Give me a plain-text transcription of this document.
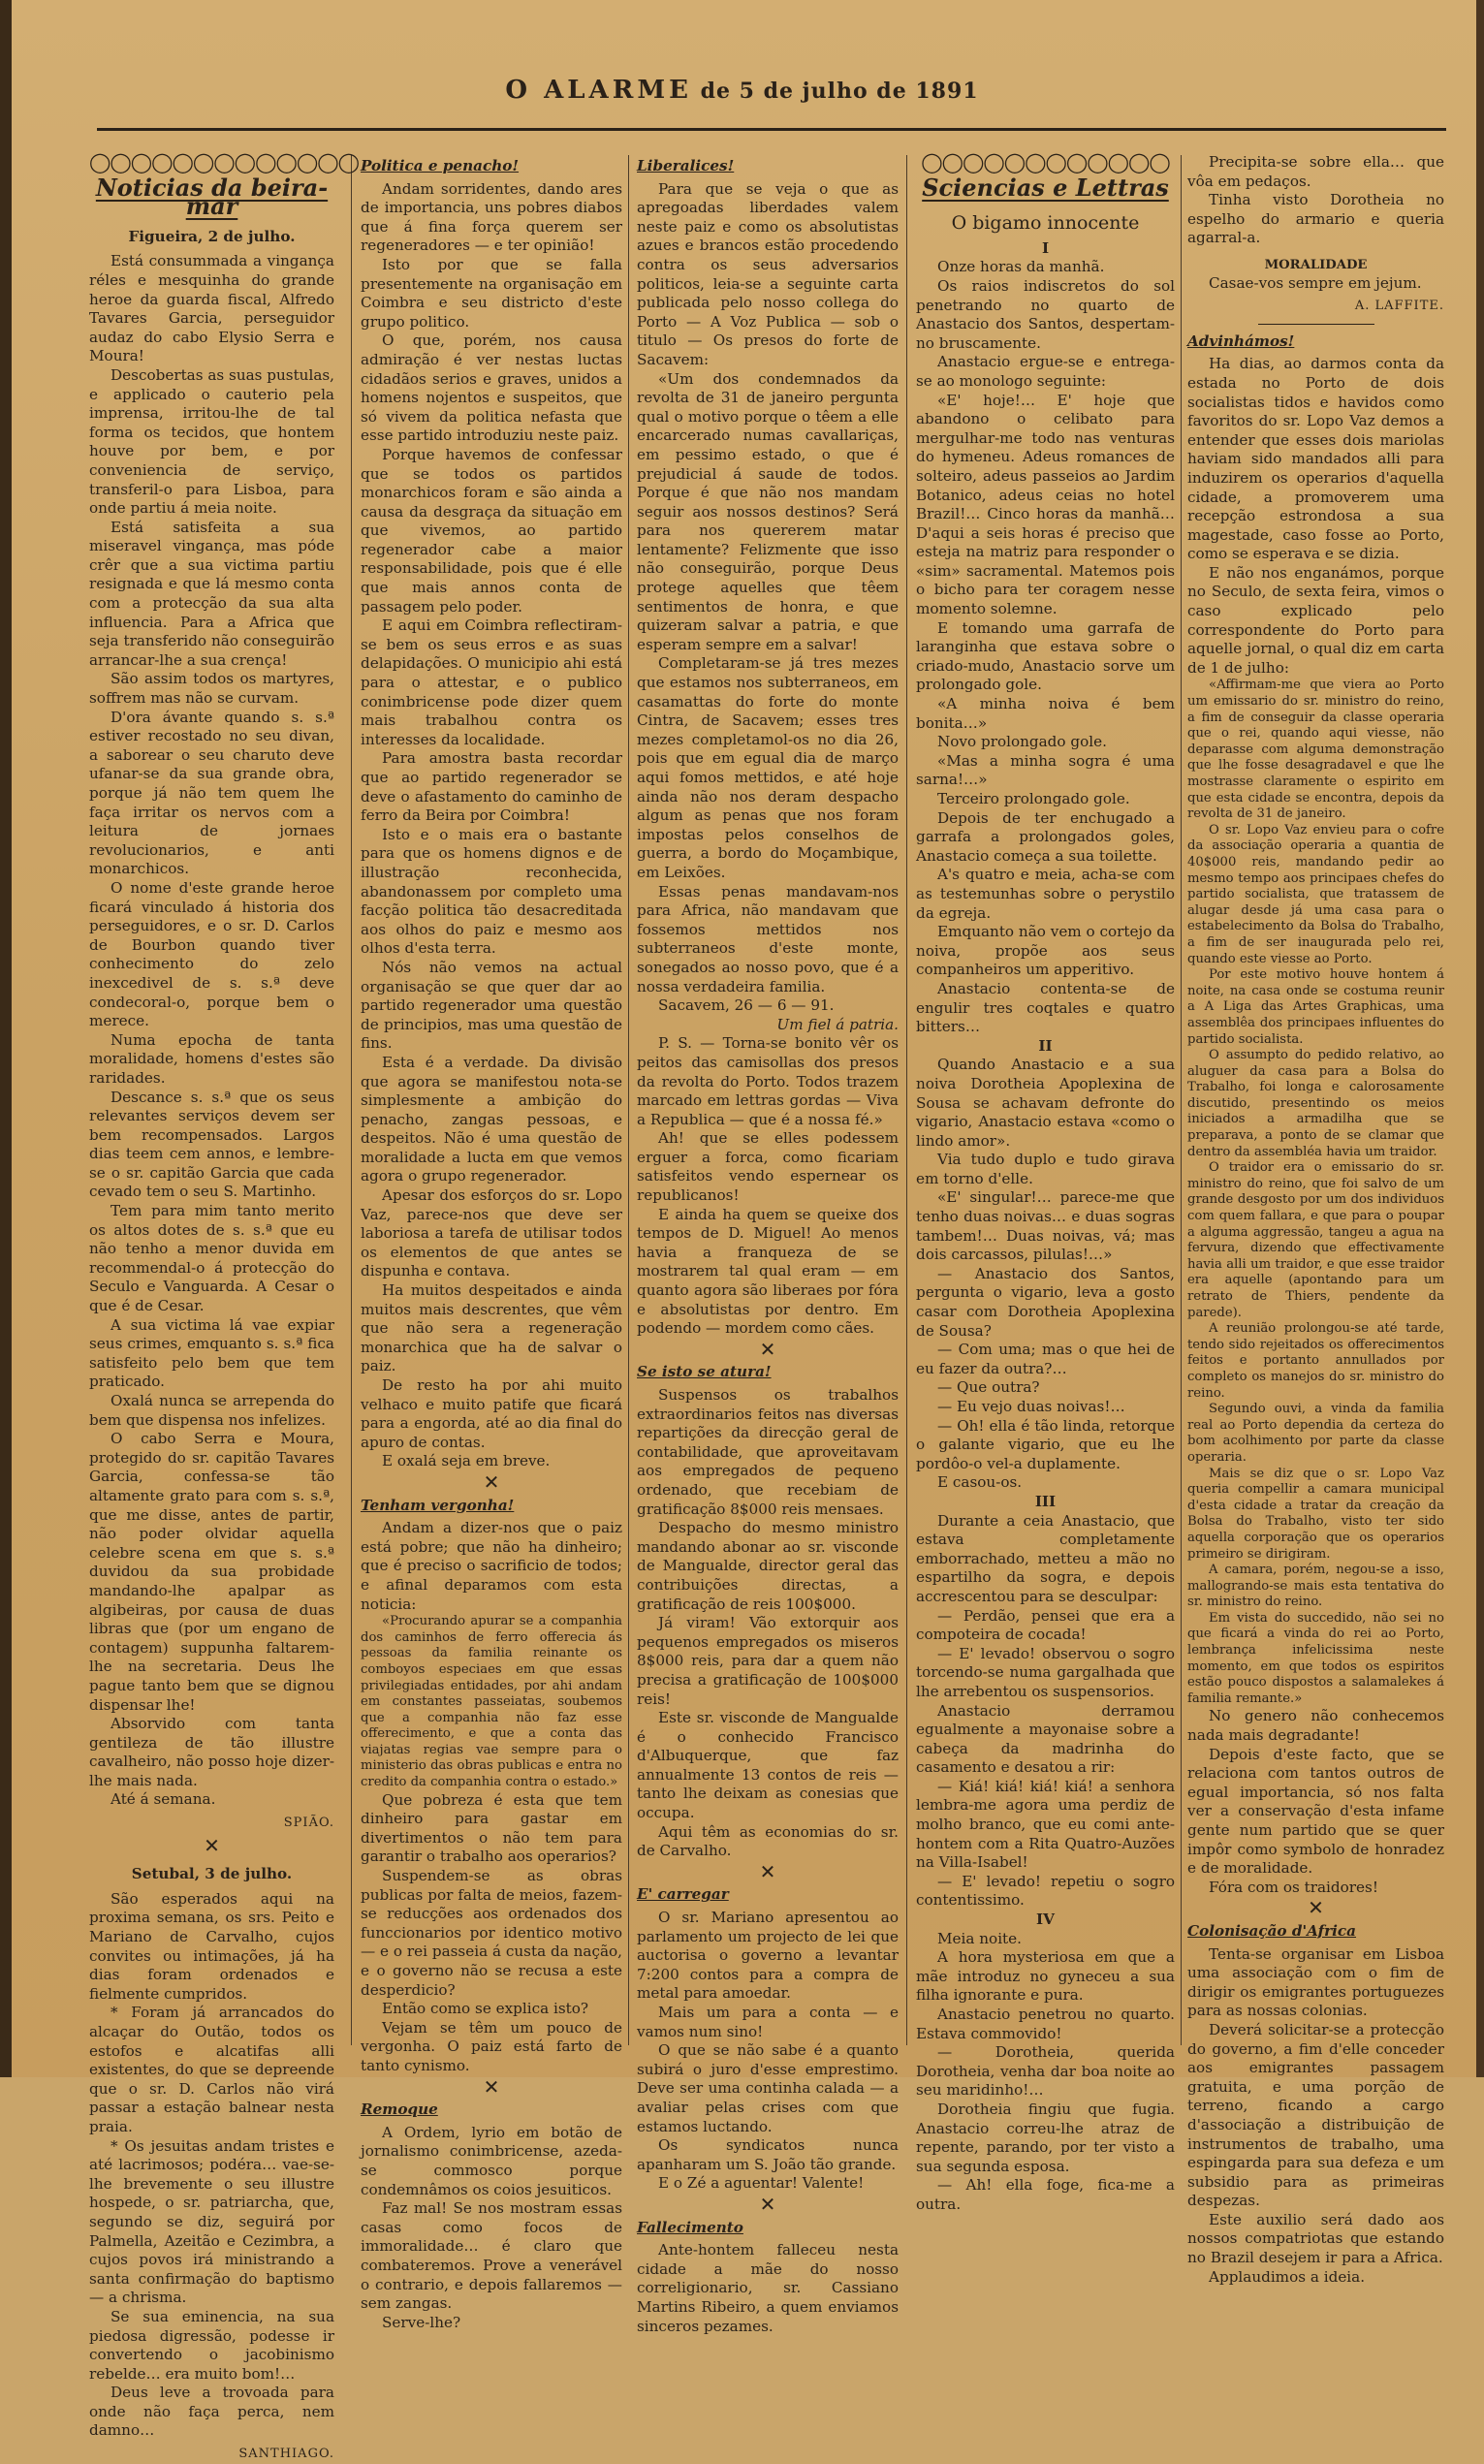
O ALARME de 5 de julho de 1891
◯◯◯◯◯◯◯◯◯◯◯◯◯
Noticias da beira-mar
Figueira, 2 de julho.

Está consummada a vingança réles e mesquinha do grande heroe da guarda fiscal, Alfredo Tavares Garcia, perseguidor audaz do cabo Elysio Serra e Moura!

Descobertas as suas pustulas, e applicado o cauterio pela imprensa, irritou-lhe de tal forma os tecidos, que hontem houve por bem, e por conveniencia de serviço, transferil-o para Lisboa, para onde partiu á meia noite.

Está satisfeita a sua miseravel vingança, mas póde crêr que a sua victima partiu resignada e que lá mesmo conta com a protecção da sua alta influencia. Para a Africa que seja transferido não conseguirão arrancar-lhe a sua crença!

São assim todos os martyres, soffrem mas não se curvam.

D'ora ávante quando s. s.ª estiver recostado no seu divan, a saborear o seu charuto deve ufanar-se da sua grande obra, porque já não tem quem lhe faça irritar os nervos com a leitura de jornaes revolucionarios, e anti monarchicos.

O nome d'este grande heroe ficará vinculado á historia dos perseguidores, e o sr. D. Carlos de Bourbon quando tiver conhecimento do zelo inexcedivel de s. s.ª deve condecoral-o, porque bem o merece.

Numa epocha de tanta moralidade, homens d'estes são raridades.

Descance s. s.ª que os seus relevantes serviços devem ser bem recompensados. Largos dias teem cem annos, e lembre-se o sr. capitão Garcia que cada cevado tem o seu S. Martinho.

Tem para mim tanto merito os altos dotes de s. s.ª que eu não tenho a menor duvida em recommendal-o á protecção do Seculo e Vanguarda. A Cesar o que é de Cesar.

A sua victima lá vae expiar seus crimes, emquanto s. s.ª fica satisfeito pelo bem que tem praticado.

Oxalá nunca se arrependa do bem que dispensa nos infelizes.

O cabo Serra e Moura, protegido do sr. capitão Tavares Garcia, confessa-se tão altamente grato para com s. s.ª, que me disse, antes de partir, não poder olvidar aquella celebre scena em que s. s.ª duvidou da sua probidade mandando-lhe apalpar as algibeiras, por causa de duas libras que (por um engano de contagem) suppunha faltarem-lhe na secretaria. Deus lhe pague tanto bem que se dignou dispensar lhe!

Absorvido com tanta gentileza de tão illustre cavalheiro, não posso hoje dizer-lhe mais nada.

Até á semana.

SPIÃO.
✕
Setubal, 3 de julho.

São esperados aqui na proxima semana, os srs. Peito e Mariano de Carvalho, cujos convites ou intimações, já ha dias foram ordenados e fielmente cumpridos.

* Foram já arrancados do alcaçar do Outão, todos os estofos e alcatifas alli existentes, do que se depreende que o sr. D. Carlos não virá passar a estação balnear nesta praia.

* Os jesuitas andam tristes e até lacrimosos; podéra… vae-se-lhe brevemente o seu illustre hospede, o sr. patriarcha, que, segundo se diz, seguirá por Palmella, Azeitão e Cezimbra, a cujos povos irá ministrando a santa confirmação do baptismo — a chrisma.

Se sua eminencia, na sua piedosa digressão, podesse ir convertendo o jacobinismo rebelde… era muito bom!…

Deus leve a trovoada para onde não faça perca, nem damno…

SANTHIAGO.
Politica e penacho!

Andam sorridentes, dando ares de importancia, uns pobres diabos que á fina força querem ser regeneradores — e ter opinião!

Isto por que se falla presentemente na organisação em Coimbra e seu districto d'este grupo politico.

O que, porém, nos causa admiração é ver nestas luctas cidadãos serios e graves, unidos a homens nojentos e suspeitos, que só vivem da politica nefasta que esse partido introduziu neste paiz.

Porque havemos de confessar que se todos os partidos monarchicos foram e são ainda a causa da desgraça da situação em que vivemos, ao partido regenerador cabe a maior responsabilidade, pois que é elle que mais annos conta de passagem pelo poder.

E aqui em Coimbra reflectiram-se bem os seus erros e as suas delapidações. O municipio ahi está para o attestar, e o publico conimbricense pode dizer quem mais trabalhou contra os interesses da localidade.

Para amostra basta recordar que ao partido regenerador se deve o afastamento do caminho de ferro da Beira por Coimbra!

Isto e o mais era o bastante para que os homens dignos e de illustração reconhecida, abandonassem por completo uma facção politica tão desacreditada aos olhos do paiz e mesmo aos olhos d'esta terra.

Nós não vemos na actual organisação se que quer dar ao partido regenerador uma questão de principios, mas uma questão de fins.

Esta é a verdade. Da divisão que agora se manifestou nota-se simplesmente a ambição do penacho, zangas pessoas, e despeitos. Não é uma questão de moralidade a lucta em que vemos agora o grupo regenerador.

Apesar dos esforços do sr. Lopo Vaz, parece-nos que deve ser laboriosa a tarefa de utilisar todos os elementos de que antes se dispunha e contava.

Ha muitos despeitados e ainda muitos mais descrentes, que vêm que não sera a regeneração monarchica que ha de salvar o paiz.

De resto ha por ahi muito velhaco e muito patife que ficará para a engorda, até ao dia final do apuro de contas.

E oxalá seja em breve.

✕
Tenham vergonha!

Andam a dizer-nos que o paiz está pobre; que não ha dinheiro; que é preciso o sacrificio de todos; e afinal deparamos com esta noticia:

«Procurando apurar se a companhia dos caminhos de ferro offerecia ás pessoas da familia reinante os comboyos especiaes em que essas privilegiadas entidades, por ahi andam em constantes passeiatas, soubemos que a companhia não faz esse offerecimento, e que a conta das viajatas regias vae sempre para o ministerio das obras publicas e entra no credito da companhia contra o estado.»

Que pobreza é esta que tem dinheiro para gastar em divertimentos o não tem para garantir o trabalho aos operarios?

Suspendem-se as obras publicas por falta de meios, fazem-se reducções aos ordenados dos funccionarios por identico motivo — e o rei passeia á custa da nação, e o governo não se recusa a este desperdicio?

Então como se explica isto?

Vejam se têm um pouco de vergonha. O paiz está farto de tanto cynismo.

✕
Remoque

A Ordem, lyrio em botão de jornalismo conimbricense, azeda-se commosco porque condemnâmos os coios jesuiticos.

Faz mal! Se nos mostram essas casas como focos de immoralidade… é claro que combateremos. Prove a venerável o contrario, e depois fallaremos — sem zangas.

Serve-lhe?

Liberalices!

Para que se veja o que as apregoadas liberdades valem neste paiz e como os absolutistas azues e brancos estão procedendo contra os seus adversarios politicos, leia-se a seguinte carta publicada pelo nosso collega do Porto — A Voz Publica — sob o titulo — Os presos do forte de Sacavem:

«Um dos condemnados da revolta de 31 de janeiro pergunta qual o motivo porque o têem a elle encarcerado numas cavallariças, em pessimo estado, o que é prejudicial á saude de todos. Porque é que não nos mandam seguir aos nossos destinos? Será para nos quererem matar lentamente? Felizmente que isso não conseguirão, porque Deus protege aquelles que têem sentimentos de honra, e que quizeram salvar a patria, e que esperam sempre em a salvar!

Completaram-se já tres mezes que estamos nos subterraneos, em casamattas do forte do monte Cintra, de Sacavem; esses tres mezes completamol-os no dia 26, pois que em egual dia de março aqui fomos mettidos, e até hoje ainda não nos deram despacho algum as penas que nos foram impostas pelos conselhos de guerra, a bordo do Moçambique, em Leixões.

Essas penas mandavam-nos para Africa, não mandavam que fossemos mettidos nos subterraneos d'este monte, sonegados ao nosso povo, que é a nossa verdadeira familia.

Sacavem, 26 — 6 — 91.

Um fiel á patria.

P. S. — Torna-se bonito vêr os peitos das camisollas dos presos da revolta do Porto. Todos trazem marcado em lettras gordas — Viva a Republica — que é a nossa fé.»

Ah! que se elles podessem erguer a forca, como ficariam satisfeitos vendo espernear os republicanos!

E ainda ha quem se queixe dos tempos de D. Miguel! Ao menos havia a franqueza de se mostrarem tal qual eram — em quanto agora são liberaes por fóra e absolutistas por dentro. Em podendo — mordem como cães.

✕
Se isto se atura!

Suspensos os trabalhos extraordinarios feitos nas diversas repartições da direcção geral de contabilidade, que aproveitavam aos empregados de pequeno ordenado, que recebiam de gratificação 8$000 reis mensaes.

Despacho do mesmo ministro mandando abonar ao sr. visconde de Mangualde, director geral das contribuições directas, a gratificação de reis 100$000.

Já viram! Vão extorquir aos pequenos empregados os miseros 8$000 reis, para dar a quem não precisa a gratificação de 100$000 reis!

Este sr. visconde de Mangualde é o conhecido Francisco d'Albuquerque, que faz annualmente 13 contos de reis — tanto lhe deixam as conesias que occupa.

Aqui têm as economias do sr. de Carvalho.

✕
E' carregar

O sr. Mariano apresentou ao parlamento um projecto de lei que auctorisa o governo a levantar 7:200 contos para a compra de metal para amoedar.

Mais um para a conta — e vamos num sino!

O que se não sabe é a quanto subirá o juro d'esse emprestimo. Deve ser uma continha calada — a avaliar pelas crises com que estamos luctando.

Os syndicatos nunca apanharam um S. João tão grande.

E o Zé a aguentar! Valente!

✕
Fallecimento

Ante-hontem falleceu nesta cidade a mãe do nosso correligionario, sr. Cassiano Martins Ribeiro, a quem enviamos sinceros pezames.

◯◯◯◯◯◯◯◯◯◯◯◯
Sciencias e Lettras
O bigamo innocente
I

Onze horas da manhã.

Os raios indiscretos do sol penetrando no quarto de Anastacio dos Santos, despertam-no bruscamente.

Anastacio ergue-se e entrega-se ao monologo seguinte:

«E' hoje!… E' hoje que abandono o celibato para mergulhar-me todo nas venturas do hymeneu. Adeus romances de solteiro, adeus passeios ao Jardim Botanico, adeus ceias no hotel Brazil!… Cinco horas da manhã… D'aqui a seis horas é preciso que esteja na matriz para responder o «sim» sacramental. Matemos pois o bicho para ter coragem nesse momento solemne.

E tomando uma garrafa de laranginha que estava sobre o criado-mudo, Anastacio sorve um prolongado gole.

«A minha noiva é bem bonita…»

Novo prolongado gole.

«Mas a minha sogra é uma sarna!…»

Terceiro prolongado gole.

Depois de ter enchugado a garrafa a prolongados goles, Anastacio começa a sua toilette.

A's quatro e meia, acha-se com as testemunhas sobre o perystilo da egreja.

Emquanto não vem o cortejo da noiva, propõe aos seus companheiros um apperitivo.

Anastacio contenta-se de engulir tres coqtales e quatro bitters…

II

Quando Anastacio e a sua noiva Dorotheia Apoplexina de Sousa se achavam defronte do vigario, Anastacio estava «como o lindo amor».

Via tudo duplo e tudo girava em torno d'elle.

«E' singular!… parece-me que tenho duas noivas… e duas sogras tambem!… Duas noivas, vá; mas dois carcassos, pilulas!…»

— Anastacio dos Santos, pergunta o vigario, leva a gosto casar com Dorotheia Apoplexina de Sousa?

— Com uma; mas o que hei de eu fazer da outra?…

— Que outra?

— Eu vejo duas noivas!…

— Oh! ella é tão linda, retorque o galante vigario, que eu lhe pordôo-o vel-a duplamente.

E casou-os.

III

Durante a ceia Anastacio, que estava completamente emborrachado, metteu a mão no espartilho da sogra, e depois accrescentou para se desculpar:

— Perdão, pensei que era a compoteira de cocada!

— E' levado! observou o sogro torcendo-se numa gargalhada que lhe arrebentou os suspensorios.

Anastacio derramou egualmente a mayonaise sobre a cabeça da madrinha do casamento e desatou a rir:

— Kiá! kiá! kiá! kiá! a senhora lembra-me agora uma perdiz de molho branco, que eu comi ante-hontem com a Rita Quatro-Auzões na Villa-Isabel!

— E' levado! repetiu o sogro contentissimo.

IV

Meia noite.

A hora mysteriosa em que a mãe introduz no gyneceu a sua filha ignorante e pura.

Anastacio penetrou no quarto. Estava commovido!

— Dorotheia, querida Dorotheia, venha dar boa noite ao seu maridinho!…

Dorotheia fingiu que fugia. Anastacio correu-lhe atraz de repente, parando, por ter visto a sua segunda esposa.

— Ah! ella foge, fica-me a outra.

Precipita-se sobre ella… que vôa em pedaços.

Tinha visto Dorotheia no espelho do armario e queria agarral-a.

MORALIDADE

Casae-vos sempre em jejum.

A. LAFFITE.
Advinhámos!

Ha dias, ao darmos conta da estada no Porto de dois socialistas tidos e havidos como favoritos do sr. Lopo Vaz demos a entender que esses dois mariolas haviam sido mandados alli para induzirem os operarios d'aquella cidade, a promoverem uma recepção estrondosa a sua magestade, caso fosse ao Porto, como se esperava e se dizia.

E não nos enganámos, porque no Seculo, de sexta feira, vimos o caso explicado pelo correspondente do Porto para aquelle jornal, o qual diz em carta de 1 de julho:

«Affirmam-me que viera ao Porto um emissario do sr. ministro do reino, a fim de conseguir da classe operaria que o rei, quando aqui viesse, não deparasse com alguma demonstração que lhe fosse desagradavel e que lhe mostrasse claramente o espirito em que esta cidade se encontra, depois da revolta de 31 de janeiro.

O sr. Lopo Vaz envieu para o cofre da associação operaria a quantia de 40$000 reis, mandando pedir ao mesmo tempo aos principaes chefes do partido socialista, que tratassem de alugar desde já uma casa para o estabelecimento da Bolsa do Trabalho, a fim de ser inaugurada pelo rei, quando este viesse ao Porto.

Por este motivo houve hontem á noite, na casa onde se costuma reunir a A Liga das Artes Graphicas, uma assemblêa dos principaes influentes do partido socialista.

O assumpto do pedido relativo, ao aluguer da casa para a Bolsa do Trabalho, foi longa e calorosamente discutido, presentindo os meios iniciados a armadilha que se preparava, a ponto de se clamar que dentro da assembléa havia um traidor.

O traidor era o emissario do sr. ministro do reino, que foi salvo de um grande desgosto por um dos individuos com quem fallara, e que para o poupar a alguma aggressão, tangeu a agua na fervura, dizendo que effectivamente havia alli um traidor, e que esse traidor era aquelle (apontando para um retrato de Thiers, pendente da parede).

A reunião prolongou-se até tarde, tendo sido rejeitados os offerecimentos feitos e portanto annullados por completo os manejos do sr. ministro do reino.

Segundo ouvi, a vinda da familia real ao Porto dependia da certeza do bom acolhimento por parte da classe operaria.

Mais se diz que o sr. Lopo Vaz queria compellir a camara municipal d'esta cidade a tratar da creação da Bolsa do Trabalho, visto ter sido aquella corporação que os operarios primeiro se dirigiram.

A camara, porém, negou-se a isso, mallogrando-se mais esta tentativa do sr. ministro do reino.

Em vista do succedido, não sei no que ficará a vinda do rei ao Porto, lembrança infelicissima neste momento, em que todos os espiritos estão pouco dispostos a salamalekes á familia remante.»

No genero não conhecemos nada mais degradante!

Depois d'este facto, que se relaciona com tantos outros de egual importancia, só nos falta ver a conservação d'esta infame gente num partido que se quer impôr como symbolo de honradez e de moralidade.

Fóra com os traidores!

✕
Colonisação d'Africa

Tenta-se organisar em Lisboa uma associação com o fim de dirigir os emigrantes portuguezes para as nossas colonias.

Deverá solicitar-se a protecção do governo, a fim d'elle conceder aos emigrantes passagem gratuita, e uma porção de terreno, ficando a cargo d'associação a distribuição de instrumentos de trabalho, uma espingarda para sua defeza e um subsidio para as primeiras despezas.

Este auxilio será dado aos nossos compatriotas que estando no Brazil desejem ir para a Africa.

Applaudimos a ideia.
